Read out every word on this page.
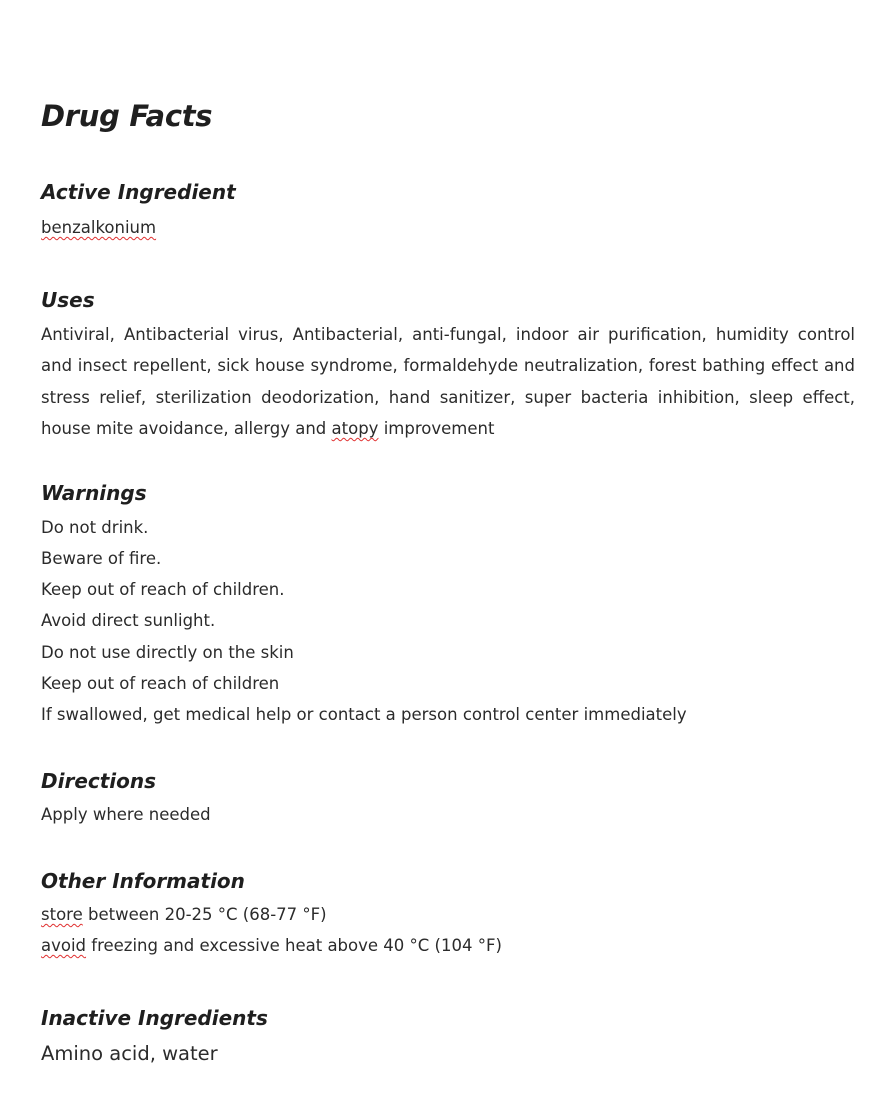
Drug Facts
Active Ingredient

benzalkonium

Uses

Antiviral, Antibacterial virus, Antibacterial, anti-fungal, indoor air purification, humidity control and insect repellent, sick house syndrome, formaldehyde neutralization, forest bathing effect and stress relief, sterilization deodorization, hand sanitizer, super bacteria inhibition, sleep effect, house mite avoidance, allergy and atopy improvement

Warnings

Do not drink.

Beware of fire.

Keep out of reach of children.

Avoid direct sunlight.

Do not use directly on the skin

Keep out of reach of children

If swallowed, get medical help or contact a person control center immediately

Directions

Apply where needed

Other Information

store between 20-25 °C (68-77 °F)

avoid freezing and excessive heat above 40 °C (104 °F)

Inactive Ingredients

Amino acid, water
